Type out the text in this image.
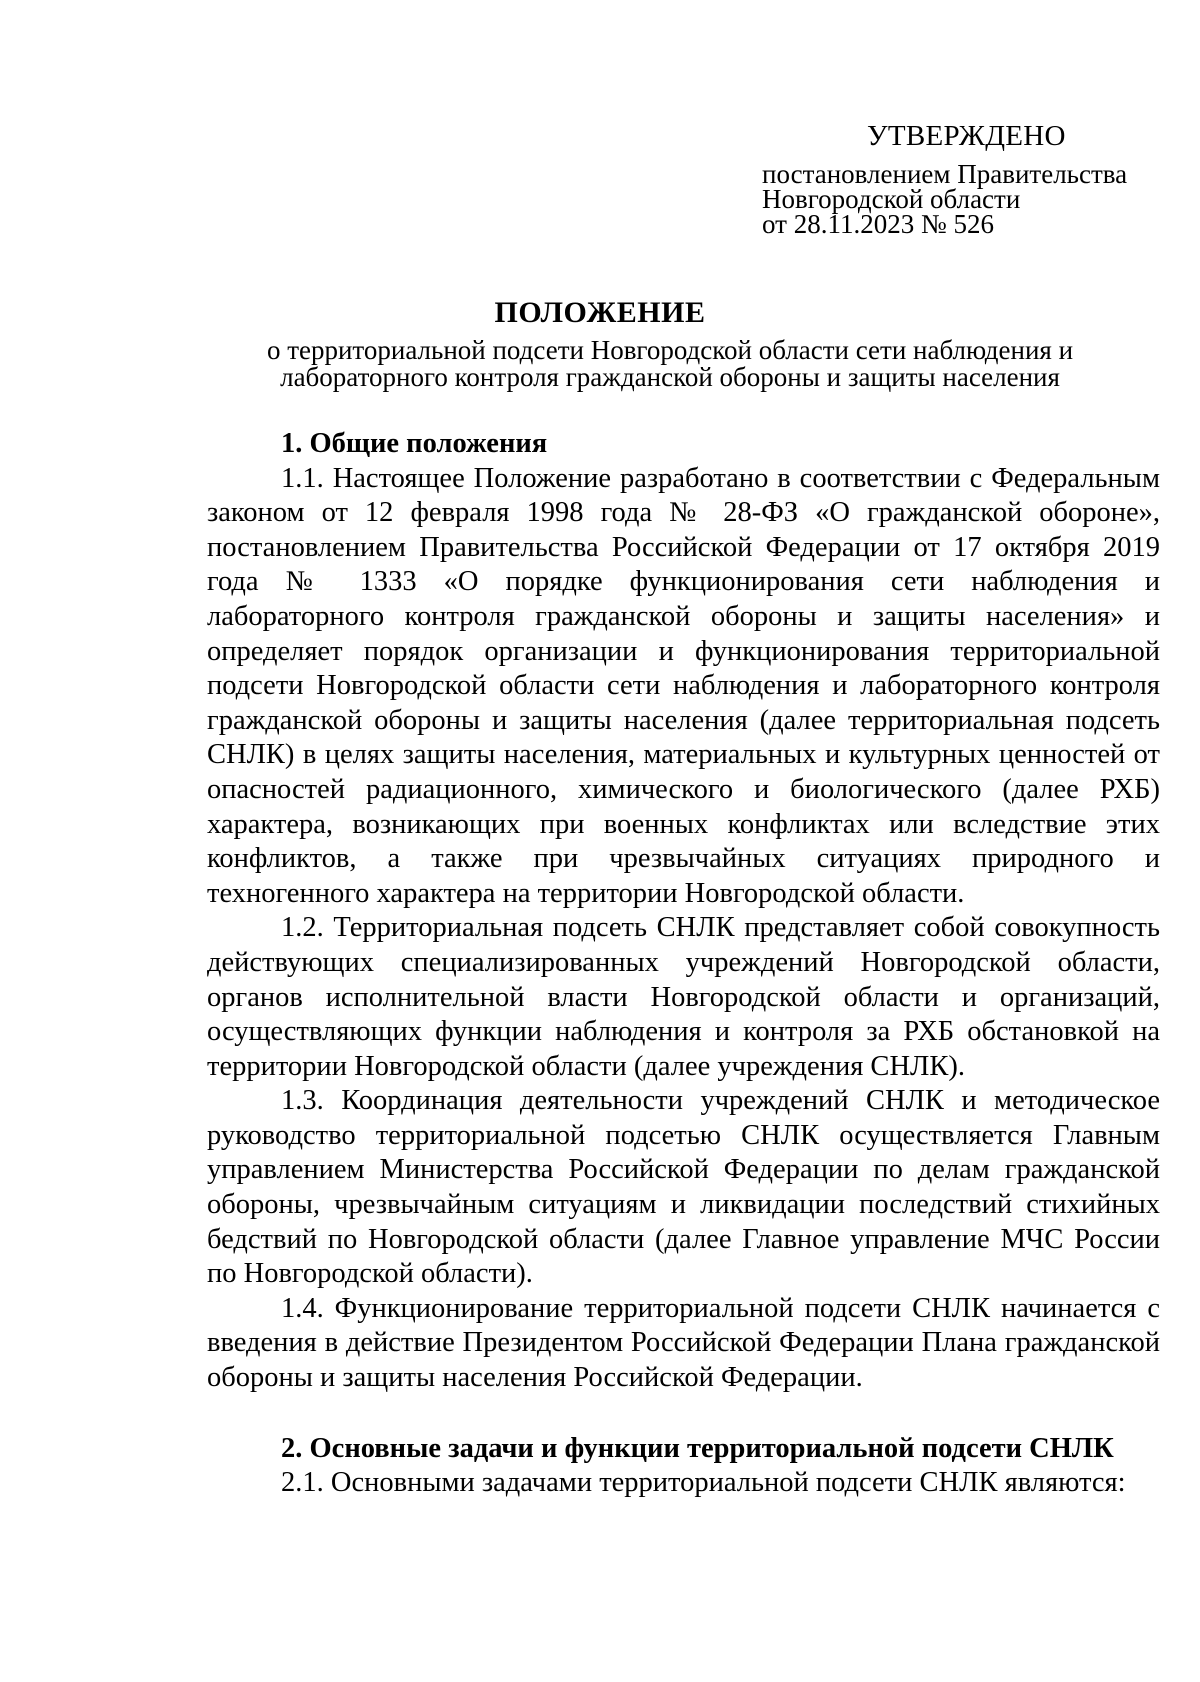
УТВЕРЖДЕНО
постановлением Правительства
Новгородской области
от 28.11.2023 № 526
ПОЛОЖЕНИЕ
о территориальной подсети Новгородской области сети наблюдения и
лабораторного контроля гражданской обороны и защиты населения
1. Общие положения

1.1. Настоящее Положение разработано в соответствии с Федеральным законом от 12 февраля 1998 года № 28-ФЗ «О гражданской обороне», постановлением Правительства Российской Федерации от 17 октября 2019 года № 1333 «О порядке функционирования сети наблюдения и лабораторного контроля гражданской обороны и защиты населения» и определяет порядок организации и функционирования территориальной подсети Новгородской области сети наблюдения и лабораторного контроля гражданской обороны и защиты населения (далее территориальная подсеть СНЛК) в целях защиты населения, материальных и культурных ценностей от опасностей радиационного, химического и биологического (далее РХБ) характера, возникающих при военных конфликтах или вследствие этих конфликтов, а также при чрезвычайных ситуациях природного и техногенного характера на территории Новгородской области.

1.2. Территориальная подсеть СНЛК представляет собой совокупность действующих специализированных учреждений Новгородской области, органов исполнительной власти Новгородской области и организаций, осуществляющих функции наблюдения и контроля за РХБ обстановкой на территории Новгородской области (далее учреждения СНЛК).

1.3. Координация деятельности учреждений СНЛК и методическое руководство территориальной подсетью СНЛК осуществляется Главным управлением Министерства Российской Федерации по делам гражданской обороны, чрезвычайным ситуациям и ликвидации последствий стихийных бедствий по Новгородской области (далее Главное управление МЧС России по Новгородской области).

1.4. Функционирование территориальной подсети СНЛК начинается с введения в действие Президентом Российской Федерации Плана гражданской обороны и защиты населения Российской Федерации.

2. Основные задачи и функции территориальной подсети СНЛК

2.1. Основными задачами территориальной подсети СНЛК являются:
